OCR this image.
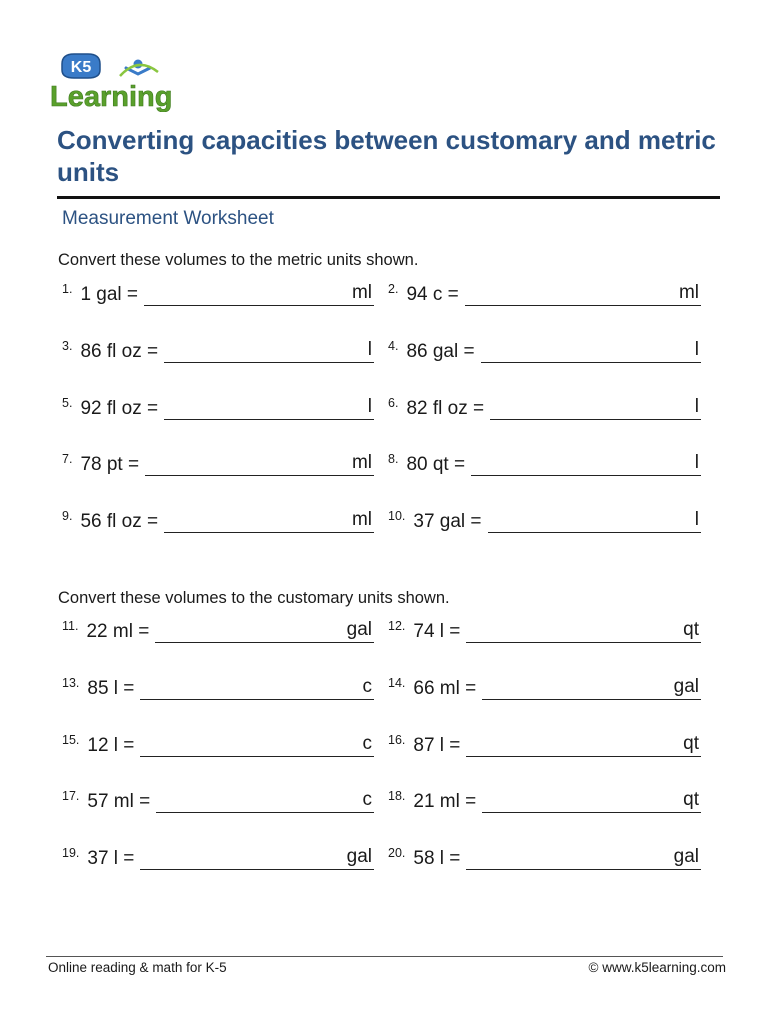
K5
Learning
Converting capacities between customary and metric units
Measurement Worksheet
Convert these volumes to the metric units shown.
Convert these volumes to the customary units shown.
1. 1 gal =	ml 2. 94 c =	ml
3. 86 fl oz =	l 4. 86 gal =	l
5. 92 fl oz =	l 6. 82 fl oz =	l
7. 78 pt =	ml 8. 80 qt =	l
9. 56 fl oz =	ml 10. 37 gal =	l
11. 22 ml =	gal 12. 74 l =	qt
13. 85 l =	c 14. 66 ml =	gal
15. 12 l =	c 16. 87 l =	qt
17. 57 ml =	c 18. 21 ml =	qt
19. 37 l =	gal 20. 58 l =	gal
Online reading & math for K-5	© www.k5learning.com
